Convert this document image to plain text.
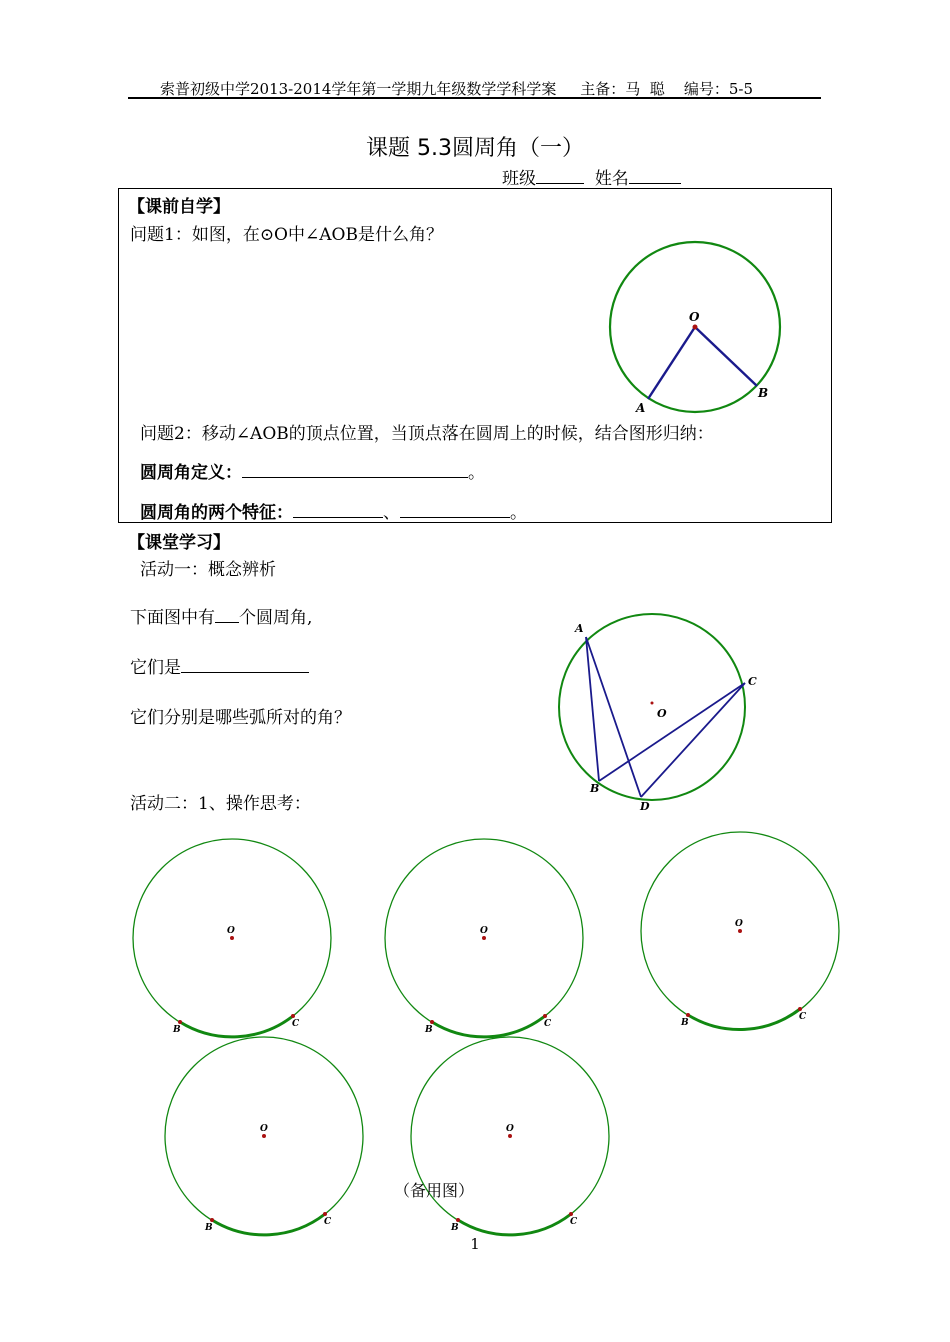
索普初级中学2013-2014学年第一学期九年级数学学科学案     主备：马  聪    编号：5-5
课题 5.3圆周角（一）
班级	姓名
【课前自学】
问题1：如图，在⊙O中∠AOB是什么角？
问题2：移动∠AOB的顶点位置，当顶点落在圆周上的时候，结合图形归纳：
圆周角定义：	。
圆周角的两个特征：	、	。
【课堂学习】
活动一：概念辨析
下面图中有 个圆周角,
它们是
它们分别是哪些弧所对的角？
活动二：1、操作思考：
O
A
B
A
C
O
B
D
O
B
C
O
B
C
O
B
C
O
B
C
O
B
C
（备用图）
1
